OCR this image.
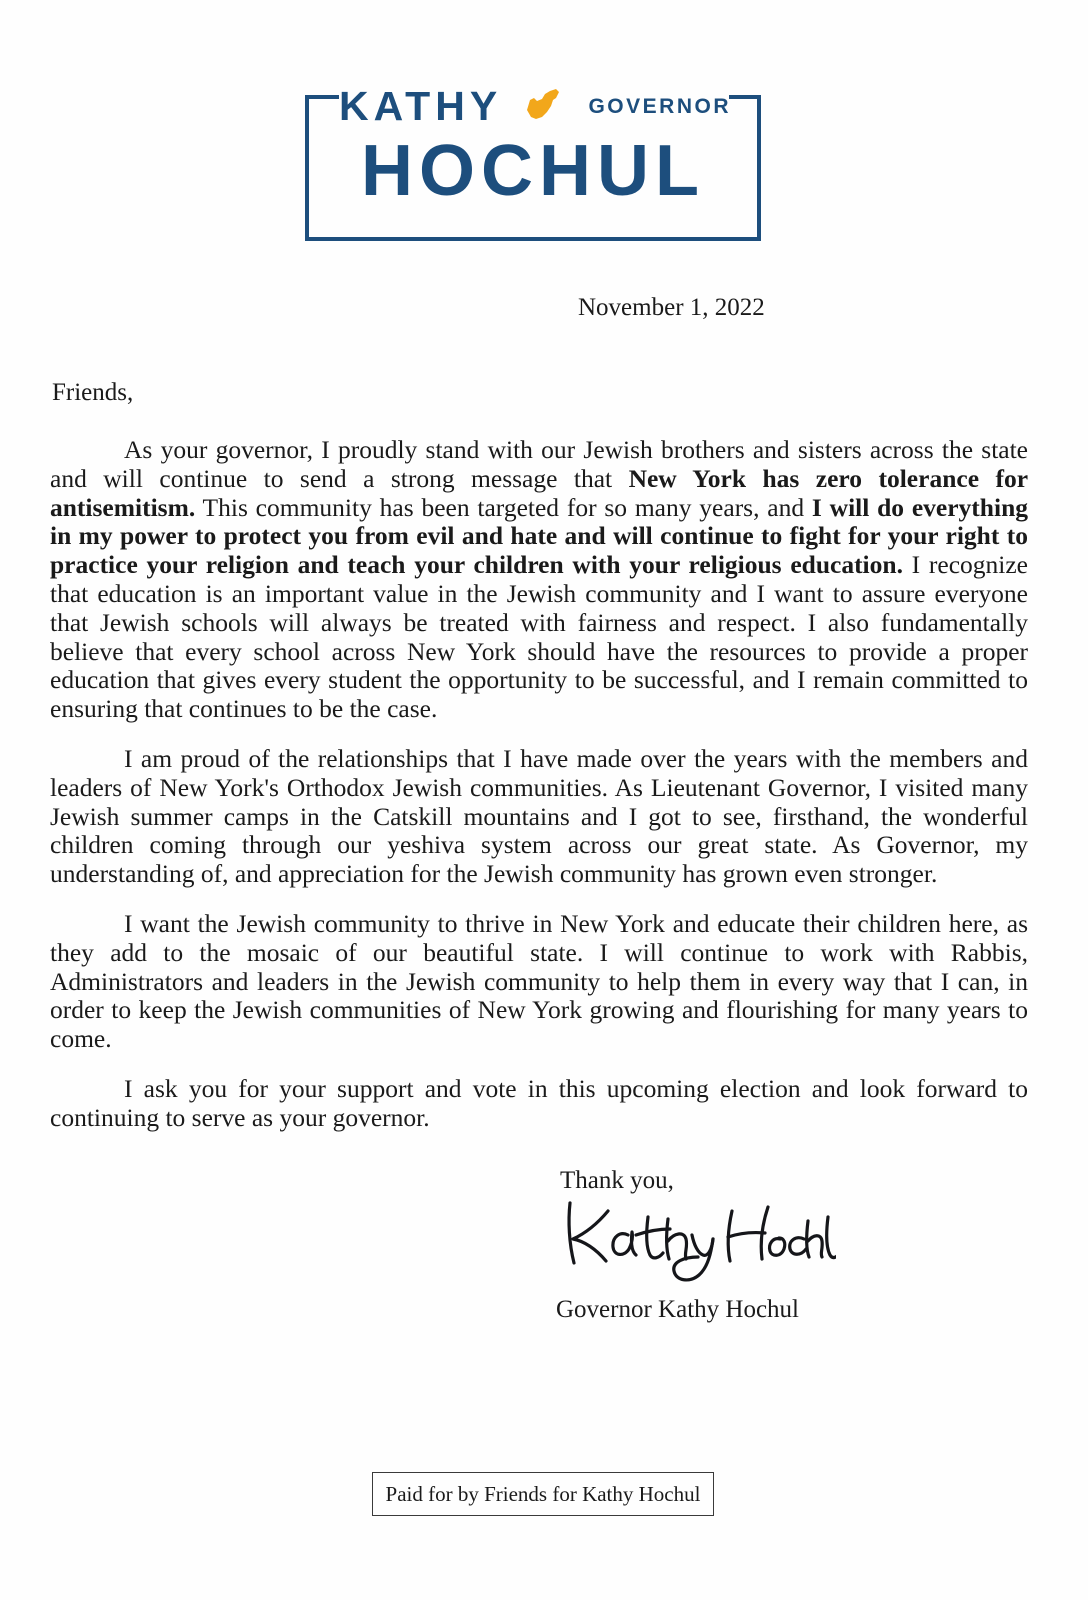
KATHY	GOVERNOR
HOCHUL
November 1, 2022
Friends,

As your governor, I proudly stand with our Jewish brothers and sisters across the state and will continue to send a strong message that New York has zero tolerance for antisemitism. This community has been targeted for so many years, and I will do everything in my power to protect you from evil and hate and will continue to fight for your right to practice your religion and teach your children with your religious education. I recognize that education is an important value in the Jewish community and I want to assure everyone that Jewish schools will always be treated with fairness and respect. I also fundamentally believe that every school across New York should have the resources to provide a proper education that gives every student the opportunity to be successful, and I remain committed to ensuring that continues to be the case.

I am proud of the relationships that I have made over the years with the members and leaders of New York's Orthodox Jewish communities. As Lieutenant Governor, I visited many Jewish summer camps in the Catskill mountains and I got to see, firsthand, the wonderful children coming through our yeshiva system across our great state. As Governor, my understanding of, and appreciation for the Jewish community has grown even stronger.

I want the Jewish community to thrive in New York and educate their children here, as they add to the mosaic of our beautiful state. I will continue to work with Rabbis, Administrators and leaders in the Jewish community to help them in every way that I can, in order to keep the Jewish communities of New York growing and flourishing for many years to come.

I ask you for your support and vote in this upcoming election and look forward to continuing to serve as your governor.

Thank you,
Governor Kathy Hochul
Paid for by Friends for Kathy Hochul
